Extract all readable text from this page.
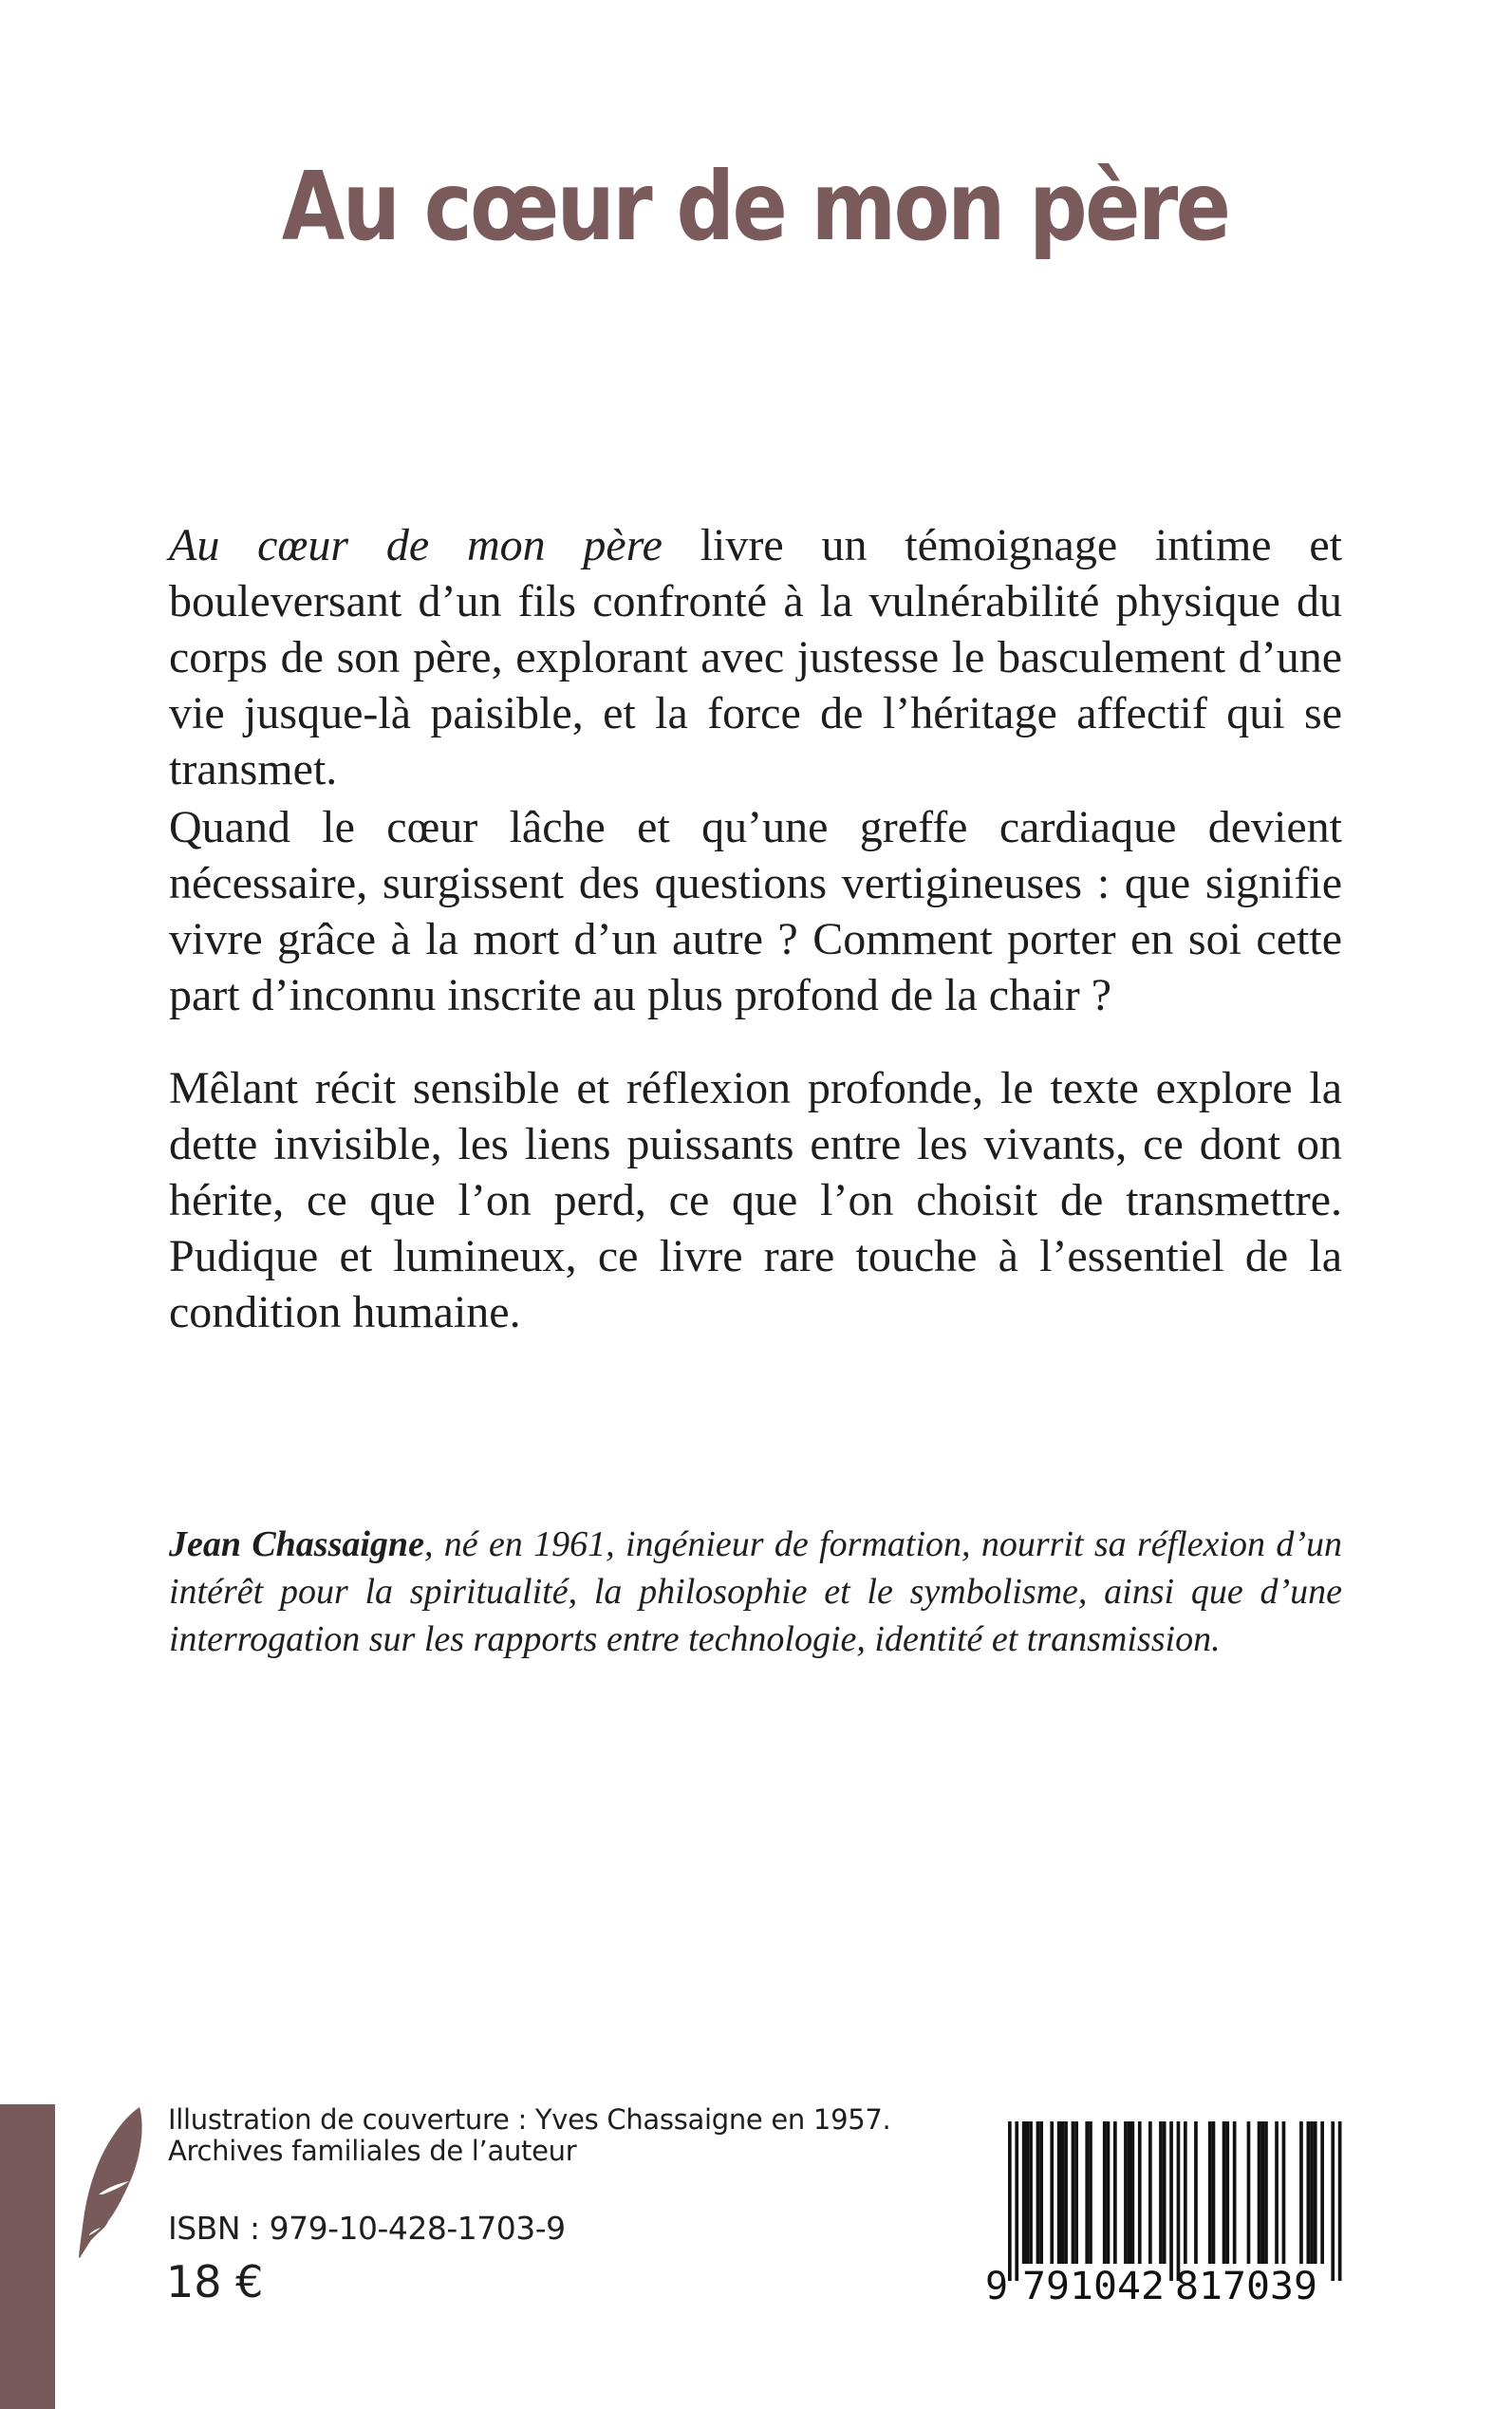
Au cœur de mon père

Au cœur de mon père livre un témoignage intime et bouleversant d’un fils confronté à la vulnérabilité physique du corps de son père, explorant avec justesse le basculement d’une vie jusque-là paisible, et la force de l’héritage affectif qui se transmet.

Quand le cœur lâche et qu’une greffe cardiaque devient nécessaire, surgissent des questions vertigineuses : que signifie vivre grâce à la mort d’un autre ? Comment porter en soi cette part d’inconnu inscrite au plus profond de la chair ?

Mêlant récit sensible et réflexion profonde, le texte explore la dette invisible, les liens puissants entre les vivants, ce dont on hérite, ce que l’on perd, ce que l’on choisit de transmettre. Pudique et lumineux, ce livre rare touche à l’essentiel de la condition humaine.

Jean Chassaigne, né en 1961, ingénieur de formation, nourrit sa réflexion d’un intérêt pour la spiritualité, la philosophie et le symbolisme, ainsi que d’une interrogation sur les rapports entre technologie, identité et transmission.

Illustration de couverture : Yves Chassaigne en 1957.
Archives familiales de l’auteur
ISBN : 979-10-428-1703-9
18 €	9 791042 817039
